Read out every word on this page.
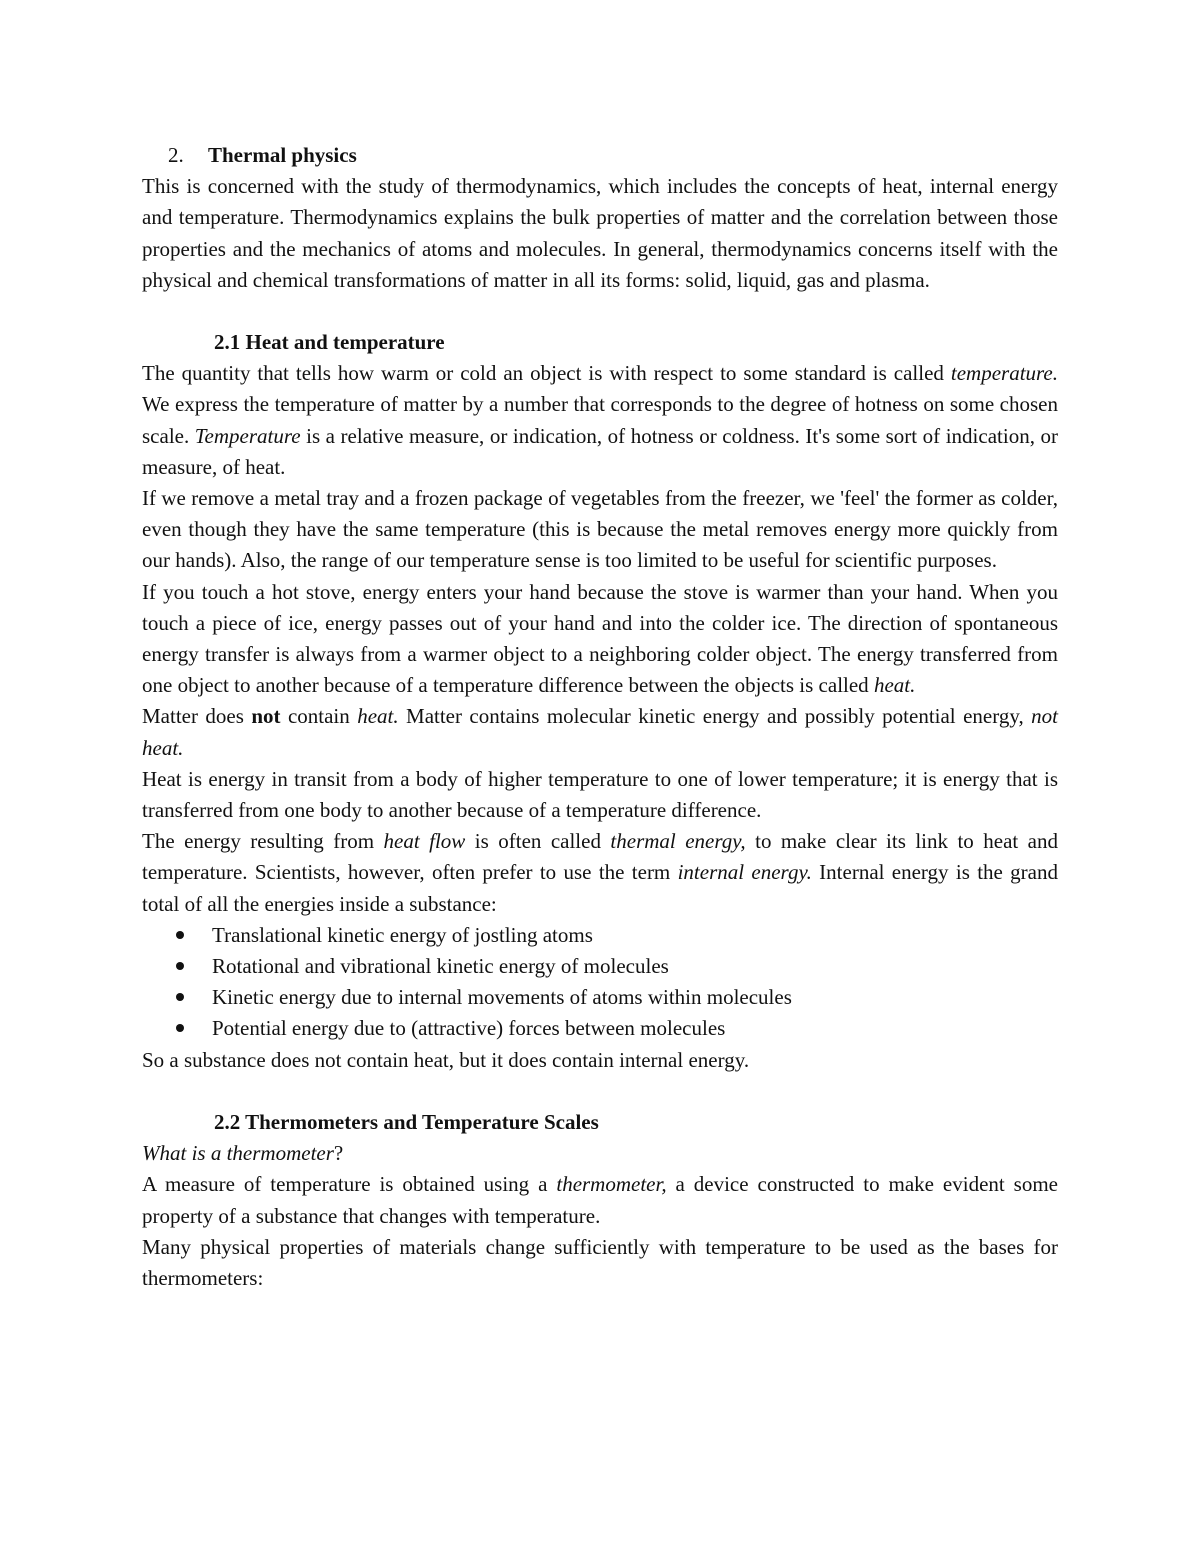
2.	Thermal physics

This is concerned with the study of thermodynamics, which includes the concepts of heat, internal energy and temperature. Thermodynamics explains the bulk properties of matter and the correlation between those properties and the mechanics of atoms and molecules. In general, thermodynamics concerns itself with the physical and chemical transformations of matter in all its forms: solid, liquid, gas and plasma.

2.1 Heat and temperature

The quantity that tells how warm or cold an object is with respect to some standard is called temperature. We express the temperature of matter by a number that corresponds to the degree of hotness on some chosen scale. Temperature is a relative measure, or indication, of hotness or coldness. It's some sort of indication, or measure, of heat.

If we remove a metal tray and a frozen package of vegetables from the freezer, we 'feel' the former as colder, even though they have the same temperature (this is because the metal removes energy more quickly from our hands). Also, the range of our temperature sense is too limited to be useful for scientific purposes.

If you touch a hot stove, energy enters your hand because the stove is warmer than your hand. When you touch a piece of ice, energy passes out of your hand and into the colder ice. The direction of spontaneous energy transfer is always from a warmer object to a neighboring colder object. The energy transferred from one object to another because of a temperature difference between the objects is called heat.

Matter does not contain heat. Matter contains molecular kinetic energy and possibly potential energy, not heat.

Heat is energy in transit from a body of higher temperature to one of lower temperature; it is energy that is transferred from one body to another because of a temperature difference.

The energy resulting from heat flow is often called thermal energy, to make clear its link to heat and temperature. Scientists, however, often prefer to use the term internal energy. Internal energy is the grand total of all the energies inside a substance:

Translational kinetic energy of jostling atoms
Rotational and vibrational kinetic energy of molecules
Kinetic energy due to internal movements of atoms within molecules
Potential energy due to (attractive) forces between molecules

So a substance does not contain heat, but it does contain internal energy.

2.2 Thermometers and Temperature Scales

What is a thermometer?

A measure of temperature is obtained using a thermometer, a device constructed to make evident some property of a substance that changes with temperature.

Many physical properties of materials change sufficiently with temperature to be used as the bases for thermometers:
